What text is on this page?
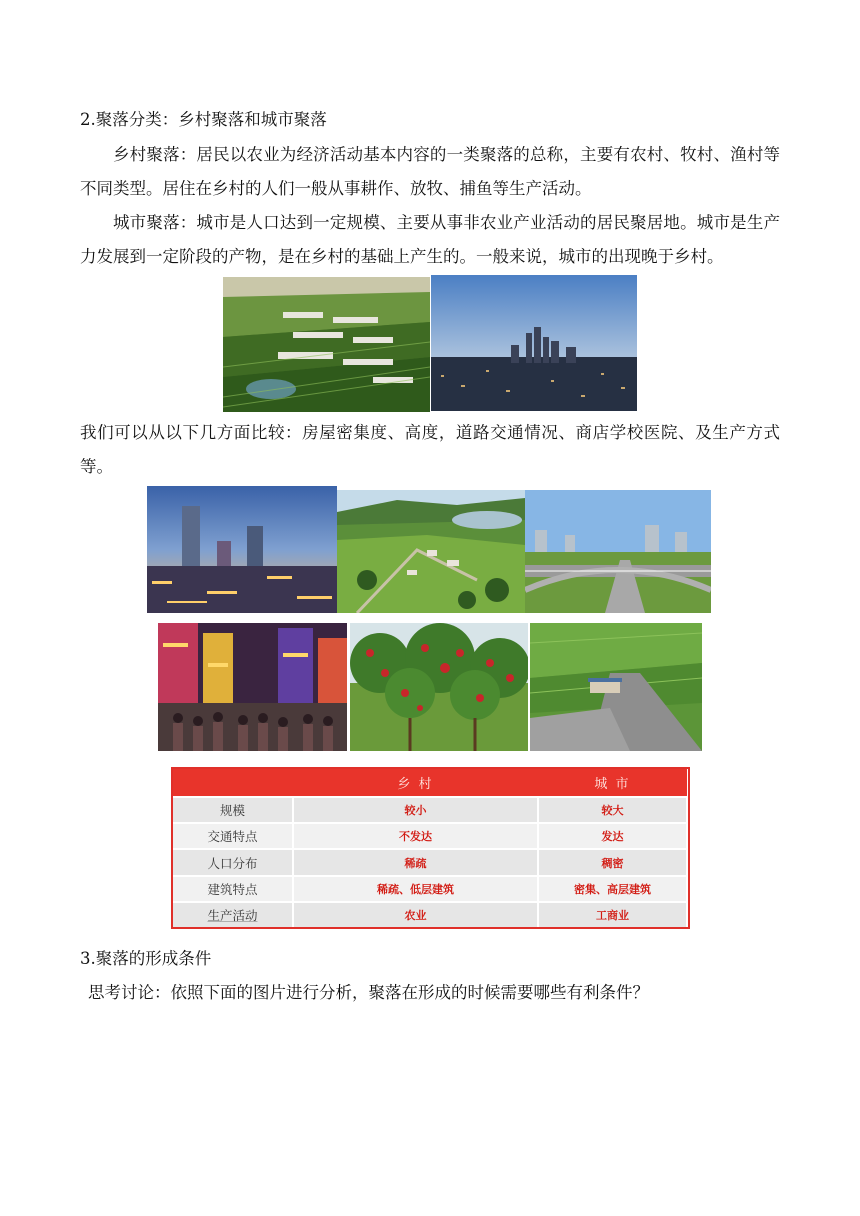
2.聚落分类：乡村聚落和城市聚落
乡村聚落：居民以农业为经济活动基本内容的一类聚落的总称，主要有农村、牧村、渔村等不同类型。居住在乡村的人们一般从事耕作、放牧、捕鱼等生产活动。
城市聚落：城市是人口达到一定规模、主要从事非农业产业活动的居民聚居地。城市是生产力发展到一定阶段的产物，是在乡村的基础上产生的。一般来说，城市的出现晚于乡村。
我们可以从以下几方面比较：房屋密集度、高度，道路交通情况、商店学校医院、及生产方式等。
	乡 村	城 市
规模	较小	较大
交通特点	不发达	发达
人口分布	稀疏	稠密
建筑特点	稀疏、低层建筑	密集、高层建筑
生产活动	农业	工商业
3.聚落的形成条件
思考讨论：依照下面的图片进行分析，聚落在形成的时候需要哪些有利条件？
